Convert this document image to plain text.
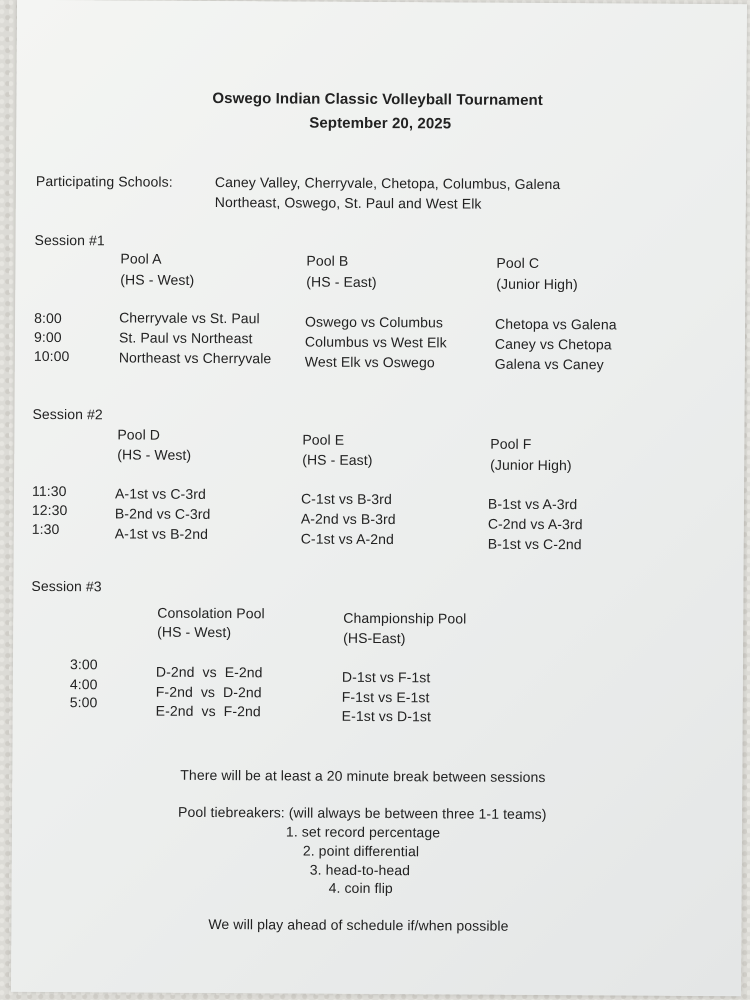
Oswego Indian Classic Volleyball Tournament
September 20, 2025
Participating Schools:	Caney Valley, Cherryvale, Chetopa, Columbus, Galena
Northeast, Oswego, St. Paul and West Elk
Session #1
Pool A
(HS - West)
Pool B
(HS - East)
Pool C
(Junior High)
8:00
9:00
10:00
Cherryvale vs St. Paul
St. Paul vs Northeast
Northeast vs Cherryvale
Oswego vs Columbus
Columbus vs West Elk
West Elk vs Oswego
Chetopa vs Galena
Caney vs Chetopa
Galena vs Caney
Session #2
Pool D
(HS - West)
Pool E
(HS - East)
Pool F
(Junior High)
11:30
12:30
1:30
A-1st vs C-3rd
B-2nd vs C-3rd
A-1st vs B-2nd
C-1st vs B-3rd
A-2nd vs B-3rd
C-1st vs A-2nd
B-1st vs A-3rd
C-2nd vs A-3rd
B-1st vs C-2nd
Session #3
Consolation Pool
(HS - West)
Championship Pool
(HS-East)
3:00
4:00
5:00
D-2nd  vs  E-2nd
F-2nd  vs  D-2nd
E-2nd  vs  F-2nd
D-1st vs F-1st
F-1st vs E-1st
E-1st vs D-1st
There will be at least a 20 minute break between sessions
Pool tiebreakers: (will always be between three 1-1 teams)
1. set record percentage
2. point differential
3. head-to-head
4. coin flip
We will play ahead of schedule if/when possible
